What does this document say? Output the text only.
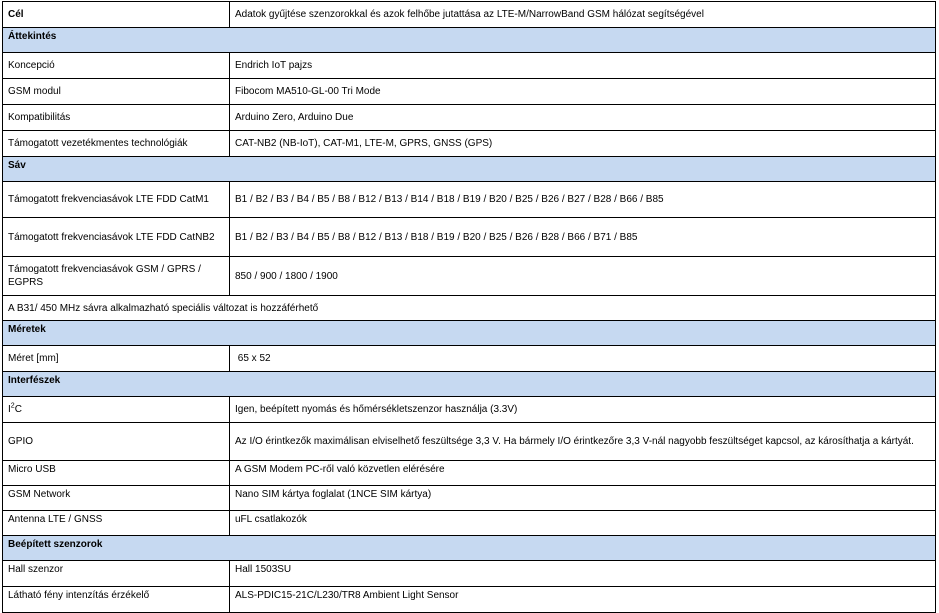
Cél	Adatok gyűjtése szenzorokkal és azok felhőbe jutattása az LTE-M/NarrowBand GSM hálózat segítségével
Áttekintés	
Koncepció	Endrich IoT pajzs
GSM modul	Fibocom MA510-GL-00 Tri Mode
Kompatibilitás	Arduino Zero, Arduino Due
Támogatott vezetékmentes technológiák	CAT-NB2 (NB-IoT), CAT-M1, LTE-M, GPRS, GNSS (GPS)
Sáv	
Támogatott frekvenciasávok LTE FDD CatM1	B1 / B2 / B3 / B4 / B5 / B8 / B12 / B13 / B14 / B18 / B19 / B20 / B25 / B26 / B27 / B28 / B66 / B85
Támogatott frekvenciasávok LTE FDD CatNB2	B1 / B2 / B3 / B4 / B5 / B8 / B12 / B13 / B18 / B19 / B20 / B25 / B26 / B28 / B66 / B71 / B85
Támogatott frekvenciasávok GSM / GPRS / EGPRS	850 / 900 / 1800 / 1900
A B31/ 450 MHz sávra alkalmazható speciális változat is hozzáférhető	
Méretek	
Méret [mm]	65 x 52
Interfészek	
$I^2C$	Igen, beépített nyomás és hőmérsékletszenzor használja (3.3V)
GPIO	Az I/O érintkezők maximálisan elviselhető feszültsége 3,3 V. Ha bármely I/O érintkezőre 3,3 V-nál nagyobb feszültséget kapcsol, az károsíthatja a kártyát.
Micro USB	A GSM Modem PC-ről való közvetlen elérésére
GSM Network	Nano SIM kártya foglalat (1NCE SIM kártya)
Antenna LTE / GNSS	uFL csatlakozók
Beépített szenzorok	
Hall szenzor	Hall 1503SU
Látható fény intenzítás érzékelő	ALS-PDIC15-21C/L230/TR8 Ambient Light Sensor
